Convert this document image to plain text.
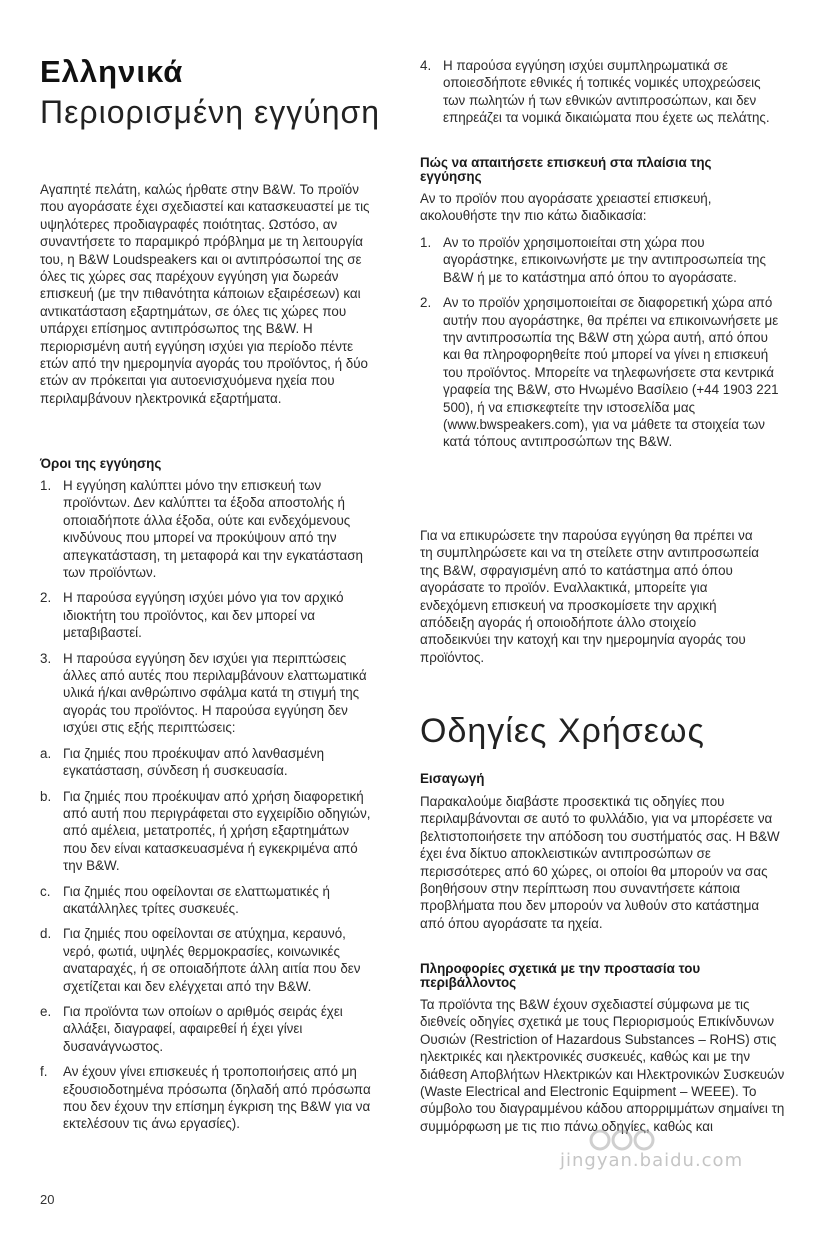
Ελληνικά
Περιορισμένη εγγύηση

Αγαπητέ πελάτη, καλώς ήρθατε στην B&W. Το προϊόν που αγοράσατε έχει σχεδιαστεί και κατασκευαστεί με τις υψηλότερες προδιαγραφές ποιότητας. Ωστόσο, αν συναντήσετε το παραμικρό πρόβλημα με τη λειτουργία του, η B&W Loudspeakers και οι αντιπρόσωποί της σε όλες τις χώρες σας παρέχουν εγγύηση για δωρεάν επισκευή (με την πιθανότητα κάποιων εξαιρέσεων) και αντικατάσταση εξαρτημάτων, σε όλες τις χώρες που υπάρχει επίσημος αντιπρόσωπος της B&W. Η περιορισμένη αυτή εγγύηση ισχύει για περίοδο πέντε ετών από την ημερομηνία αγοράς του προϊόντος, ή δύο ετών αν πρόκειται για αυτοενισχυόμενα ηχεία που περιλαμβάνουν ηλεκτρονικά εξαρτήματα.

Όροι της εγγύησης

1. Η εγγύηση καλύπτει μόνο την επισκευή των προϊόντων. Δεν καλύπτει τα έξοδα αποστολής ή οποιαδήποτε άλλα έξοδα, ούτε και ενδεχόμενους κινδύνους που μπορεί να προκύψουν από την απεγκατάσταση, τη μεταφορά και την εγκατάσταση των προϊόντων.
2. Η παρούσα εγγύηση ισχύει μόνο για τον αρχικό ιδιοκτήτη του προϊόντος, και δεν μπορεί να μεταβιβαστεί.
3. Η παρούσα εγγύηση δεν ισχύει για περιπτώσεις άλλες από αυτές που περιλαμβάνουν ελαττωματικά υλικά ή/και ανθρώπινο σφάλμα κατά τη στιγμή της αγοράς του προϊόντος. Η παρούσα εγγύηση δεν ισχύει στις εξής περιπτώσεις:
a. Για ζημιές που προέκυψαν από λανθασμένη εγκατάσταση, σύνδεση ή συσκευασία.
b. Για ζημιές που προέκυψαν από χρήση διαφορετική από αυτή που περιγράφεται στο εγχειρίδιο οδηγιών, από αμέλεια, μετατροπές, ή χρήση εξαρτημάτων που δεν είναι κατασκευασμένα ή εγκεκριμένα από την B&W.
c. Για ζημιές που οφείλονται σε ελαττωματικές ή ακατάλληλες τρίτες συσκευές.
d. Για ζημιές που οφείλονται σε ατύχημα, κεραυνό, νερό, φωτιά, υψηλές θερμοκρασίες, κοινωνικές αναταραχές, ή σε οποιαδήποτε άλλη αιτία που δεν σχετίζεται και δεν ελέγχεται από την B&W.
e. Για προϊόντα των οποίων ο αριθμός σειράς έχει αλλάξει, διαγραφεί, αφαιρεθεί ή έχει γίνει δυσανάγνωστος.
f. Αν έχουν γίνει επισκευές ή τροποποιήσεις από μη εξουσιοδοτημένα πρόσωπα (δηλαδή από πρόσωπα που δεν έχουν την επίσημη έγκριση της B&W για να εκτελέσουν τις άνω εργασίες).
4. Η παρούσα εγγύηση ισχύει συμπληρωματικά σε οποιεσδήποτε εθνικές ή τοπικές νομικές υποχρεώσεις των πωλητών ή των εθνικών αντιπροσώπων, και δεν επηρεάζει τα νομικά δικαιώματα που έχετε ως πελάτης.

Πώς να απαιτήσετε επισκευή στα πλαίσια της εγγύησης

Αν το προϊόν που αγοράσατε χρειαστεί επισκευή, ακολουθήστε την πιο κάτω διαδικασία:

1. Αν το προϊόν χρησιμοποιείται στη χώρα που αγοράστηκε, επικοινωνήστε με την αντιπροσωπεία της B&W ή με το κατάστημα από όπου το αγοράσατε.
2. Αν το προϊόν χρησιμοποιείται σε διαφορετική χώρα από αυτήν που αγοράστηκε, θα πρέπει να επικοινωνήσετε με την αντιπροσωπία της B&W στη χώρα αυτή, από όπου και θα πληροφορηθείτε πού μπορεί να γίνει η επισκευή του προϊόντος. Μπορείτε να τηλεφωνήσετε στα κεντρικά γραφεία της B&W, στο Ηνωμένο Βασίλειο (+44 1903 221 500), ή να επισκεφτείτε την ιστοσελίδα μας (www.bwspeakers.com), για να μάθετε τα στοιχεία των κατά τόπους αντιπροσώπων της B&W.

Για να επικυρώσετε την παρούσα εγγύηση θα πρέπει να τη συμπληρώσετε και να τη στείλετε στην αντιπροσωπεία της B&W, σφραγισμένη από το κατάστημα από όπου αγοράσατε το προϊόν. Εναλλακτικά, μπορείτε για ενδεχόμενη επισκευή να προσκομίσετε την αρχική απόδειξη αγοράς ή οποιοδήποτε άλλο στοιχείο αποδεικνύει την κατοχή και την ημερομηνία αγοράς του προϊόντος.

Οδηγίες Χρήσεως

Εισαγωγή

Παρακαλούμε διαβάστε προσεκτικά τις οδηγίες που περιλαμβάνονται σε αυτό το φυλλάδιο, για να μπορέσετε να βελτιστοποιήσετε την απόδοση του συστήματός σας. Η B&W έχει ένα δίκτυο αποκλειστικών αντιπροσώπων σε περισσότερες από 60 χώρες, οι οποίοι θα μπορούν να σας βοηθήσουν στην περίπτωση που συναντήσετε κάποια προβλήματα που δεν μπορούν να λυθούν στο κατάστημα από όπου αγοράσατε τα ηχεία.

Πληροφορίες σχετικά με την προστασία του περιβάλλοντος

Τα προϊόντα της B&W έχουν σχεδιαστεί σύμφωνα με τις διεθνείς οδηγίες σχετικά με τους Περιορισμούς Επικίνδυνων Ουσιών (Restriction of Hazardous Substances – RoHS) στις ηλεκτρικές και ηλεκτρονικές συσκευές, καθώς και με την διάθεση Αποβλήτων Ηλεκτρικών και Ηλεκτρονικών Συσκευών (Waste Electrical and Electronic Equipment – WEEE). Το σύμβολο του διαγραμμένου κάδου απορριμμάτων σημαίνει τη συμμόρφωση με τις πιο πάνω οδηγίες, καθώς και

20
jingyan.baidu.com
